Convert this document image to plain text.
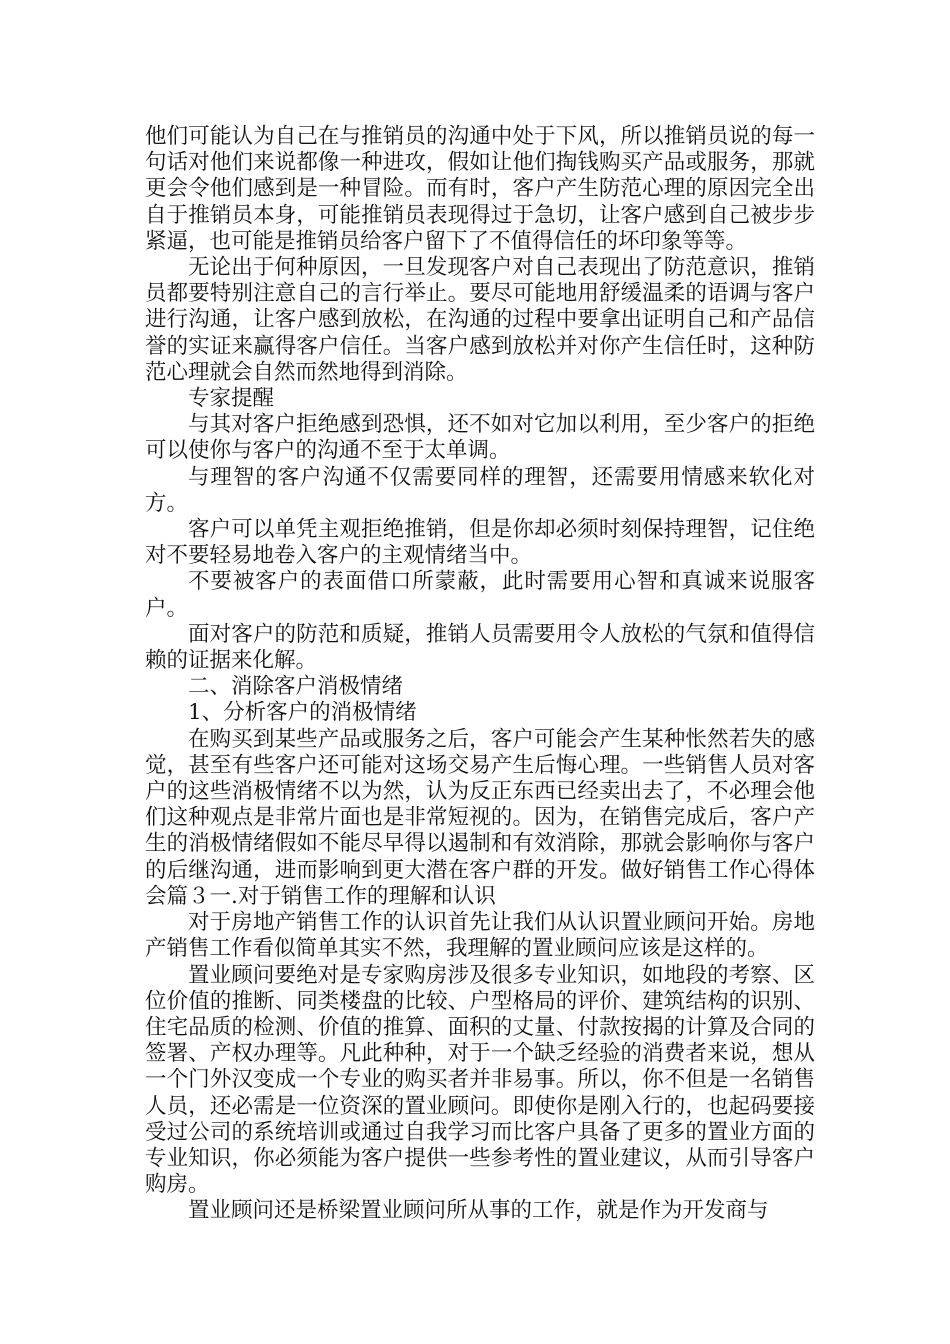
他们可能认为自己在与推销员的沟通中处于下风，所以推销员说的每一句话对他们来说都像一种进攻，假如让他们掏钱购买产品或服务，那就更会令他们感到是一种冒险。而有时，客户产生防范心理的原因完全出自于推销员本身，可能推销员表现得过于急切，让客户感到自己被步步紧逼，也可能是推销员给客户留下了不值得信任的坏印象等等。

无论出于何种原因，一旦发现客户对自己表现出了防范意识，推销员都要特别注意自己的言行举止。要尽可能地用舒缓温柔的语调与客户进行沟通，让客户感到放松，在沟通的过程中要拿出证明自己和产品信誉的实证来赢得客户信任。当客户感到放松并对你产生信任时，这种防范心理就会自然而然地得到消除。

专家提醒

与其对客户拒绝感到恐惧，还不如对它加以利用，至少客户的拒绝可以使你与客户的沟通不至于太单调。

与理智的客户沟通不仅需要同样的理智，还需要用情感来软化对方。

客户可以单凭主观拒绝推销，但是你却必须时刻保持理智，记住绝对不要轻易地卷入客户的主观情绪当中。

不要被客户的表面借口所蒙蔽，此时需要用心智和真诚来说服客户。

面对客户的防范和质疑，推销人员需要用令人放松的气氛和值得信赖的证据来化解。

二、消除客户消极情绪

1、分析客户的消极情绪

在购买到某些产品或服务之后，客户可能会产生某种怅然若失的感觉，甚至有些客户还可能对这场交易产生后悔心理。一些销售人员对客户的这些消极情绪不以为然，认为反正东西已经卖出去了，不必理会他们这种观点是非常片面也是非常短视的。因为，在销售完成后，客户产生的消极情绪假如不能尽早得以遏制和有效消除，那就会影响你与客户的后继沟通，进而影响到更大潜在客户群的开发。做好销售工作心得体会篇３一.对于销售工作的理解和认识

对于房地产销售工作的认识首先让我们从认识置业顾问开始。房地产销售工作看似简单其实不然，我理解的置业顾问应该是这样的。

置业顾问要绝对是专家购房涉及很多专业知识，如地段的考察、区位价值的推断、同类楼盘的比较、户型格局的评价、建筑结构的识别、住宅品质的检测、价值的推算、面积的丈量、付款按揭的计算及合同的签署、产权办理等。凡此种种，对于一个缺乏经验的消费者来说，想从一个门外汉变成一个专业的购买者并非易事。所以，你不但是一名销售人员，还必需是一位资深的置业顾问。即使你是刚入行的，也起码要接受过公司的系统培训或通过自我学习而比客户具备了更多的置业方面的专业知识，你必须能为客户提供一些参考性的置业建议，从而引导客户购房。

置业顾问还是桥梁置业顾问所从事的工作，就是作为开发商与
